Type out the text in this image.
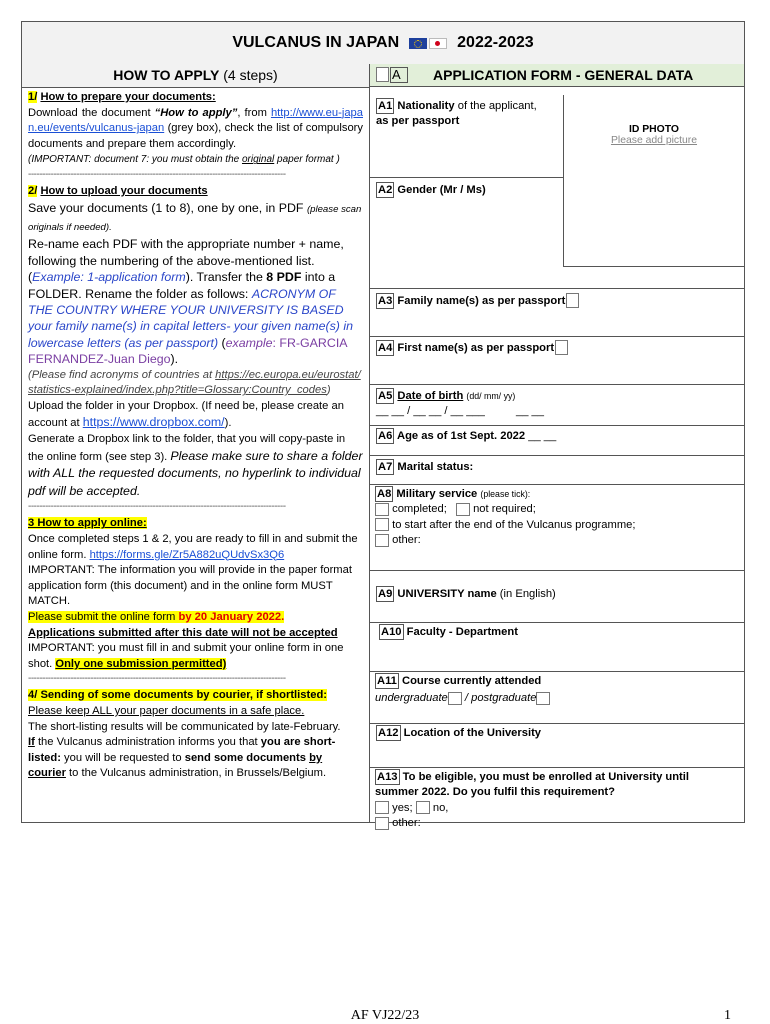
VULCANUS IN JAPAN	2022-2023
HOW TO APPLY
(4 steps)

1/ How to prepare your documents:

Download the document “How to apply”, from http://www.eu-japan.eu/events/vulcanus-japan (grey box), check the list of compulsory documents and prepare them accordingly.

(IMPORTANT: document 7: you must obtain the original paper format )

-------------------------------------------------------------------------------------------

2/ How to upload your documents

Save your documents (1 to 8), one by one, in PDF (please scan originals if needed).

Re-name each PDF with the appropriate number + name, following the numbering of the above-mentioned list.

(Example: 1-application form). Transfer the 8 PDF into a FOLDER. Rename the folder as follows: ACRONYM OF THE COUNTRY WHERE YOUR UNIVERSITY IS BASED your family name(s) in capital letters- your given name(s) in lowercase letters (as per passport) (example: FR-GARCIA FERNANDEZ-Juan Diego).

(Please find acronyms of countries at https://ec.europa.eu/eurostat/statistics-explained/index.php?title=Glossary:Country_codes)

Upload the folder in your Dropbox. (If need be, please create an account at https://www.dropbox.com/).

Generate a Dropbox link to the folder, that you will copy-paste in the online form (see step 3). Please make sure to share a folder with ALL the requested documents, no hyperlink to individual pdf will be accepted.

-------------------------------------------------------------------------------------------

3 How to apply online:

Once completed steps 1 & 2, you are ready to fill in and submit the online form. https://forms.gle/Zr5A882uQUdvSx3Q6

IMPORTANT: The information you will provide in the paper format application form (this document) and in the online form MUST MATCH.

Please submit the online form by 20 January 2022.

Applications submitted after this date will not be accepted

IMPORTANT: you must fill in and submit your online form in one shot. Only one submission permitted)

-------------------------------------------------------------------------------------------

4/ Sending of some documents by courier, if shortlisted:

Please keep ALL your paper documents in a safe place.

The short-listing results will be communicated by late-February.

If the Vulcanus administration informs you that you are short-listed: you will be requested to send some documents by courier to the Vulcanus administration, in Brussels/Belgium.

A	APPLICATION FORM - GENERAL DATA
ID PHOTO
Please add picture
A1 Nationality of the applicant,
as per passport
A2 Gender (Mr / Ms)
A3 Family name(s) as per passport
A4 First name(s) as per passport
A5 Date of birth (dd/ mm/ yy)
__ __ / __ __ / __ ___	__ __
A6 Age as of 1st Sept. 2022 __ __
A7 Marital status:
A8 Military service (please tick):
completed; not required;
to start after the end of the Vulcanus programme;
other:
A9 UNIVERSITY name (in English)
A10 Faculty - Department
A11 Course currently attended
undergraduate / postgraduate
A12 Location of the University
A13 To be eligible, you must be enrolled at University until summer 2022. Do you fulfil this requirement?
yes; no,
other:
AF VJ22/23	1
